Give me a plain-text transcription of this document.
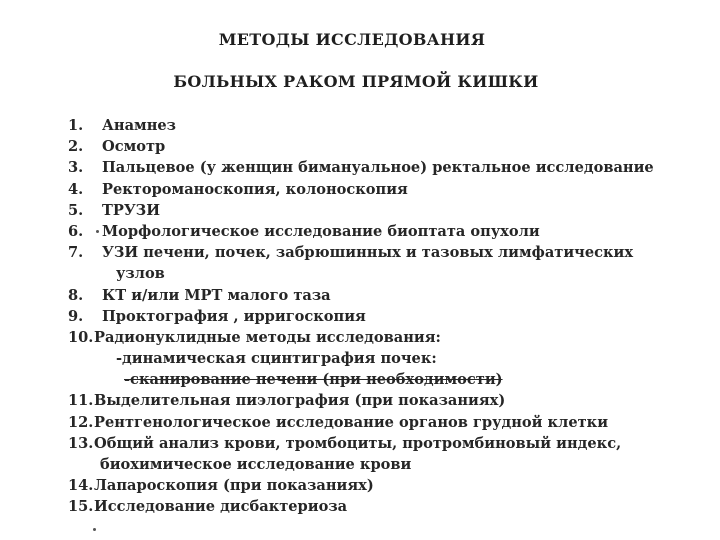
МЕТОДЫ ИССЛЕДОВАНИЯ
БОЛЬНЫХ РАКОМ ПРЯМОЙ КИШКИ
1. Анамнез
2. Осмотр
3. Пальцевое (у женщин бимануальное) ректальное исследование
4. Ректороманоскопия, колоноскопия
5. ТРУЗИ
6. Морфологическое исследование биоптата опухоли
7. УЗИ печени, почек, забрюшинных и тазовых лимфатических
узлов
8. КТ и/или МРТ малого таза
9. Проктография , ирригоскопия
10. Радионуклидные методы исследования:
-динамическая сцинтиграфия почек:
-сканирование печени (при необходимости)
11. Выделительная пиэлография (при показаниях)
12. Рентгенологическое исследование органов грудной клетки
13. Общий анализ крови, тромбоциты, протромбиновый индекс,
биохимическое исследование крови
14. Лапароскопия (при показаниях)
15. Исследование дисбактериоза
